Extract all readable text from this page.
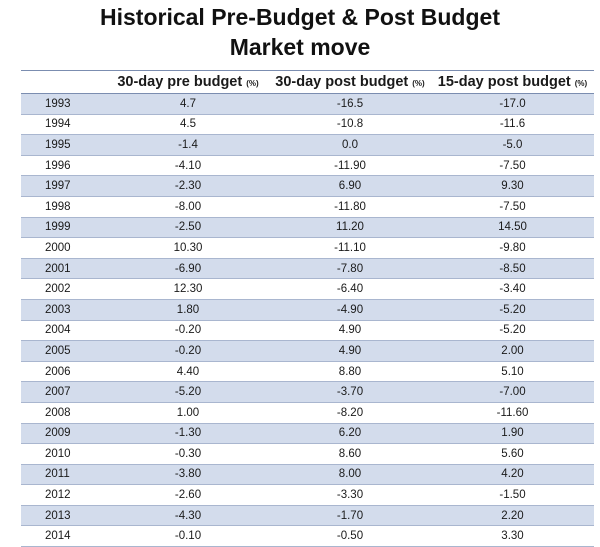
Historical Pre-Budget & Post Budget
Market move
	30-day pre budget (%)	30-day post budget (%)	15-day post budget (%)
1993	4.7	-16.5	-17.0
1994	4.5	-10.8	-11.6
1995	-1.4	0.0	-5.0
1996	-4.10	-11.90	-7.50
1997	-2.30	6.90	9.30
1998	-8.00	-11.80	-7.50
1999	-2.50	11.20	14.50
2000	10.30	-11.10	-9.80
2001	-6.90	-7.80	-8.50
2002	12.30	-6.40	-3.40
2003	1.80	-4.90	-5.20
2004	-0.20	4.90	-5.20
2005	-0.20	4.90	2.00
2006	4.40	8.80	5.10
2007	-5.20	-3.70	-7.00
2008	1.00	-8.20	-11.60
2009	-1.30	6.20	1.90
2010	-0.30	8.60	5.60
2011	-3.80	8.00	4.20
2012	-2.60	-3.30	-1.50
2013	-4.30	-1.70	2.20
2014	-0.10	-0.50	3.30
